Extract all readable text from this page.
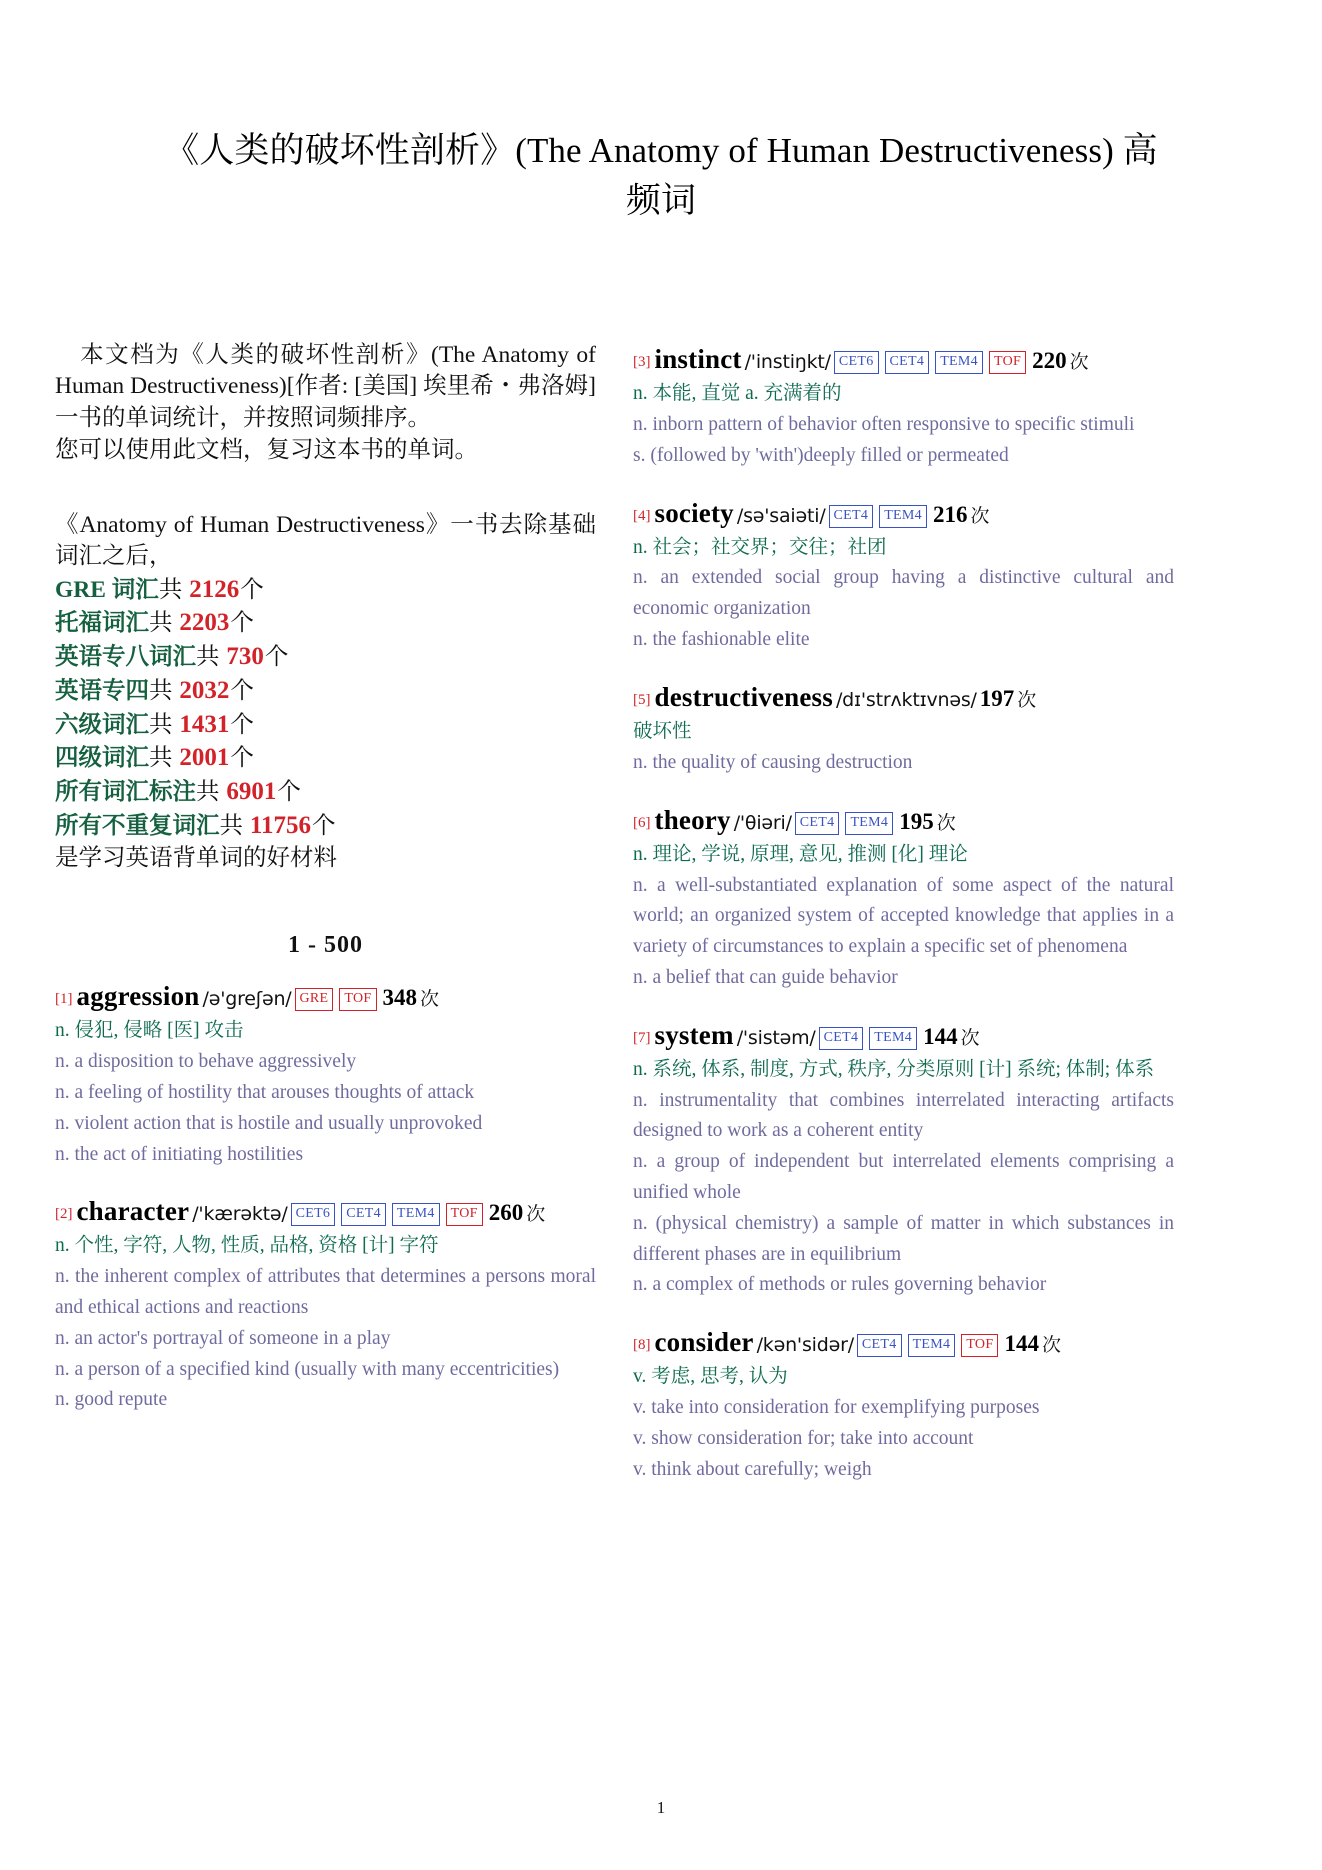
《人类的破坏性剖析》(The Anatomy of Human Destructiveness) 高频词

　本文档为《人类的破坏性剖析》(The Anatomy of Human Destructiveness)[作者: [美国] 埃里希・弗洛姆] 一书的单词统计，并按照词频排序。

您可以使用此文档，复习这本书的单词。

《Anatomy of Human Destructiveness》一书去除基础词汇之后，

GRE 词汇共 2126个
托福词汇共 2203个
英语专八词汇共 730个
英语专四共 2032个
六级词汇共 1431个
四级词汇共 2001个
所有词汇标注共 6901个
所有不重复词汇共 11756个
是学习英语背单词的好材料
1 - 500
[1] aggression /ə'greʃən/ GRE TOF 348 次

n. 侵犯, 侵略 [医] 攻击

n. a disposition to behave aggressively

n. a feeling of hostility that arouses thoughts of attack

n. violent action that is hostile and usually unprovoked

n. the act of initiating hostilities

[2] character /'kærəktə/ CET6 CET4 TEM4 TOF 260 次

n. 个性, 字符, 人物, 性质, 品格, 资格 [计] 字符

n. the inherent complex of attributes that determines a persons moral and ethical actions and reactions

n. an actor's portrayal of someone in a play

n. a person of a specified kind (usually with many eccentricities)

n. good repute

[3] instinct /'instiŋkt/ CET6 CET4 TEM4 TOF 220 次

n. 本能, 直觉 a. 充满着的

n. inborn pattern of behavior often responsive to specific stimuli

s. (followed by 'with')deeply filled or permeated

[4] society /sə'saiəti/ CET4 TEM4 216 次

n. 社会；社交界；交往；社团

n. an extended social group having a distinctive cultural and economic organization

n. the fashionable elite

[5] destructiveness /dɪ'strʌktɪvnəs/ 197 次

破坏性

n. the quality of causing destruction

[6] theory /'θiəri/ CET4 TEM4 195 次

n. 理论, 学说, 原理, 意见, 推测 [化] 理论

n. a well-substantiated explanation of some aspect of the natural world; an organized system of accepted knowledge that applies in a variety of circumstances to explain a specific set of phenomena

n. a belief that can guide behavior

[7] system /'sistəm/ CET4 TEM4 144 次

n. 系统, 体系, 制度, 方式, 秩序, 分类原则 [计] 系统; 体制; 体系

n. instrumentality that combines interrelated interacting artifacts designed to work as a coherent entity

n. a group of independent but interrelated elements comprising a unified whole

n. (physical chemistry) a sample of matter in which substances in different phases are in equilibrium

n. a complex of methods or rules governing behavior

[8] consider /kən'sidər/ CET4 TEM4 TOF 144 次

v. 考虑, 思考, 认为

v. take into consideration for exemplifying purposes

v. show consideration for; take into account

v. think about carefully; weigh

1
